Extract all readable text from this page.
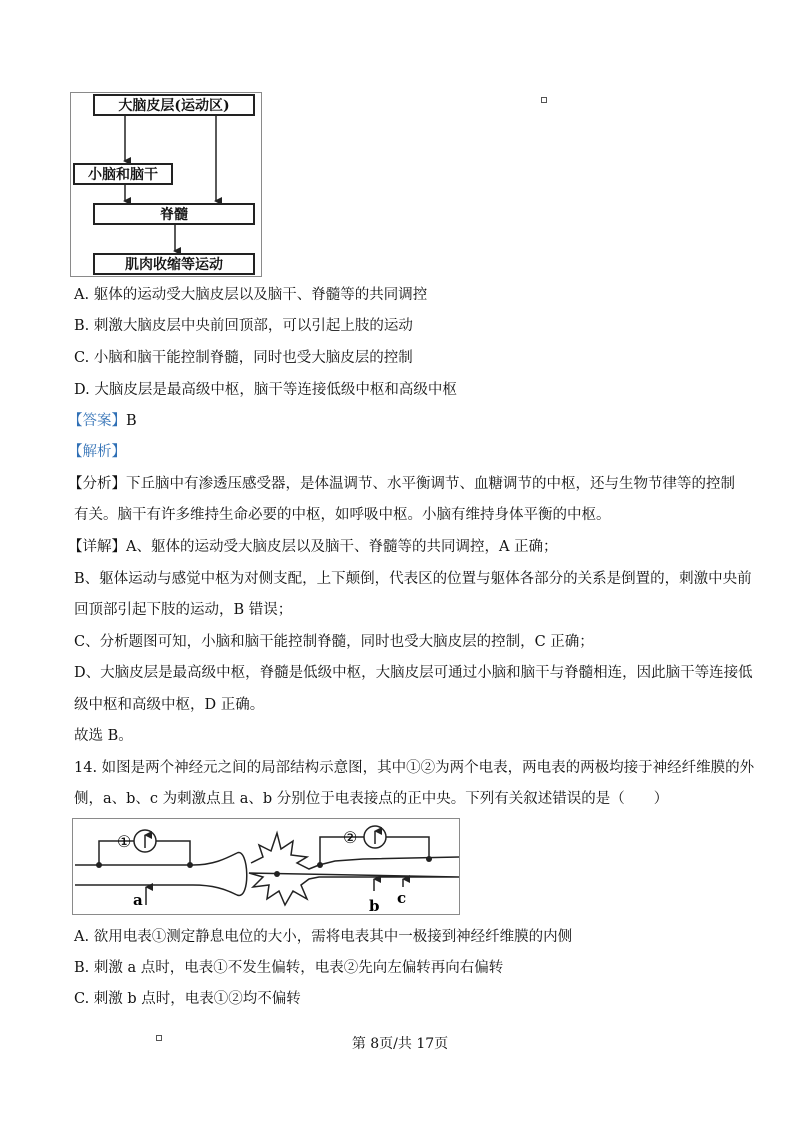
大脑皮层(运动区)
小脑和脑干
脊髓
肌肉收缩等运动
A. 躯体的运动受大脑皮层以及脑干、脊髓等的共同调控
B. 刺激大脑皮层中央前回顶部，可以引起上肢的运动
C. 小脑和脑干能控制脊髓，同时也受大脑皮层的控制
D. 大脑皮层是最高级中枢，脑干等连接低级中枢和高级中枢
【答案】B
【解析】
【分析】下丘脑中有渗透压感受器，是体温调节、水平衡调节、血糖调节的中枢，还与生物节律等的控制
有关。脑干有许多维持生命必要的中枢，如呼吸中枢。小脑有维持身体平衡的中枢。
【详解】A、躯体的运动受大脑皮层以及脑干、脊髓等的共同调控，A 正确；
B、躯体运动与感觉中枢为对侧支配，上下颠倒，代表区的位置与躯体各部分的关系是倒置的，刺激中央前
回顶部引起下肢的运动，B 错误；
C、分析题图可知，小脑和脑干能控制脊髓，同时也受大脑皮层的控制，C 正确；
D、大脑皮层是最高级中枢，脊髓是低级中枢，大脑皮层可通过小脑和脑干与脊髓相连，因此脑干等连接低
级中枢和高级中枢，D 正确。
故选 B。
14. 如图是两个神经元之间的局部结构示意图，其中①②为两个电表，两电表的两极均接于神经纤维膜的外
侧，a、b、c 为刺激点且 a、b 分别位于电表接点的正中央。下列有关叙述错误的是（　　）
①	②
a	b c
A. 欲用电表①测定静息电位的大小，需将电表其中一极接到神经纤维膜的内侧
B. 刺激 a 点时，电表①不发生偏转，电表②先向左偏转再向右偏转
C. 刺激 b 点时，电表①②均不偏转
第 8页/共 17页
